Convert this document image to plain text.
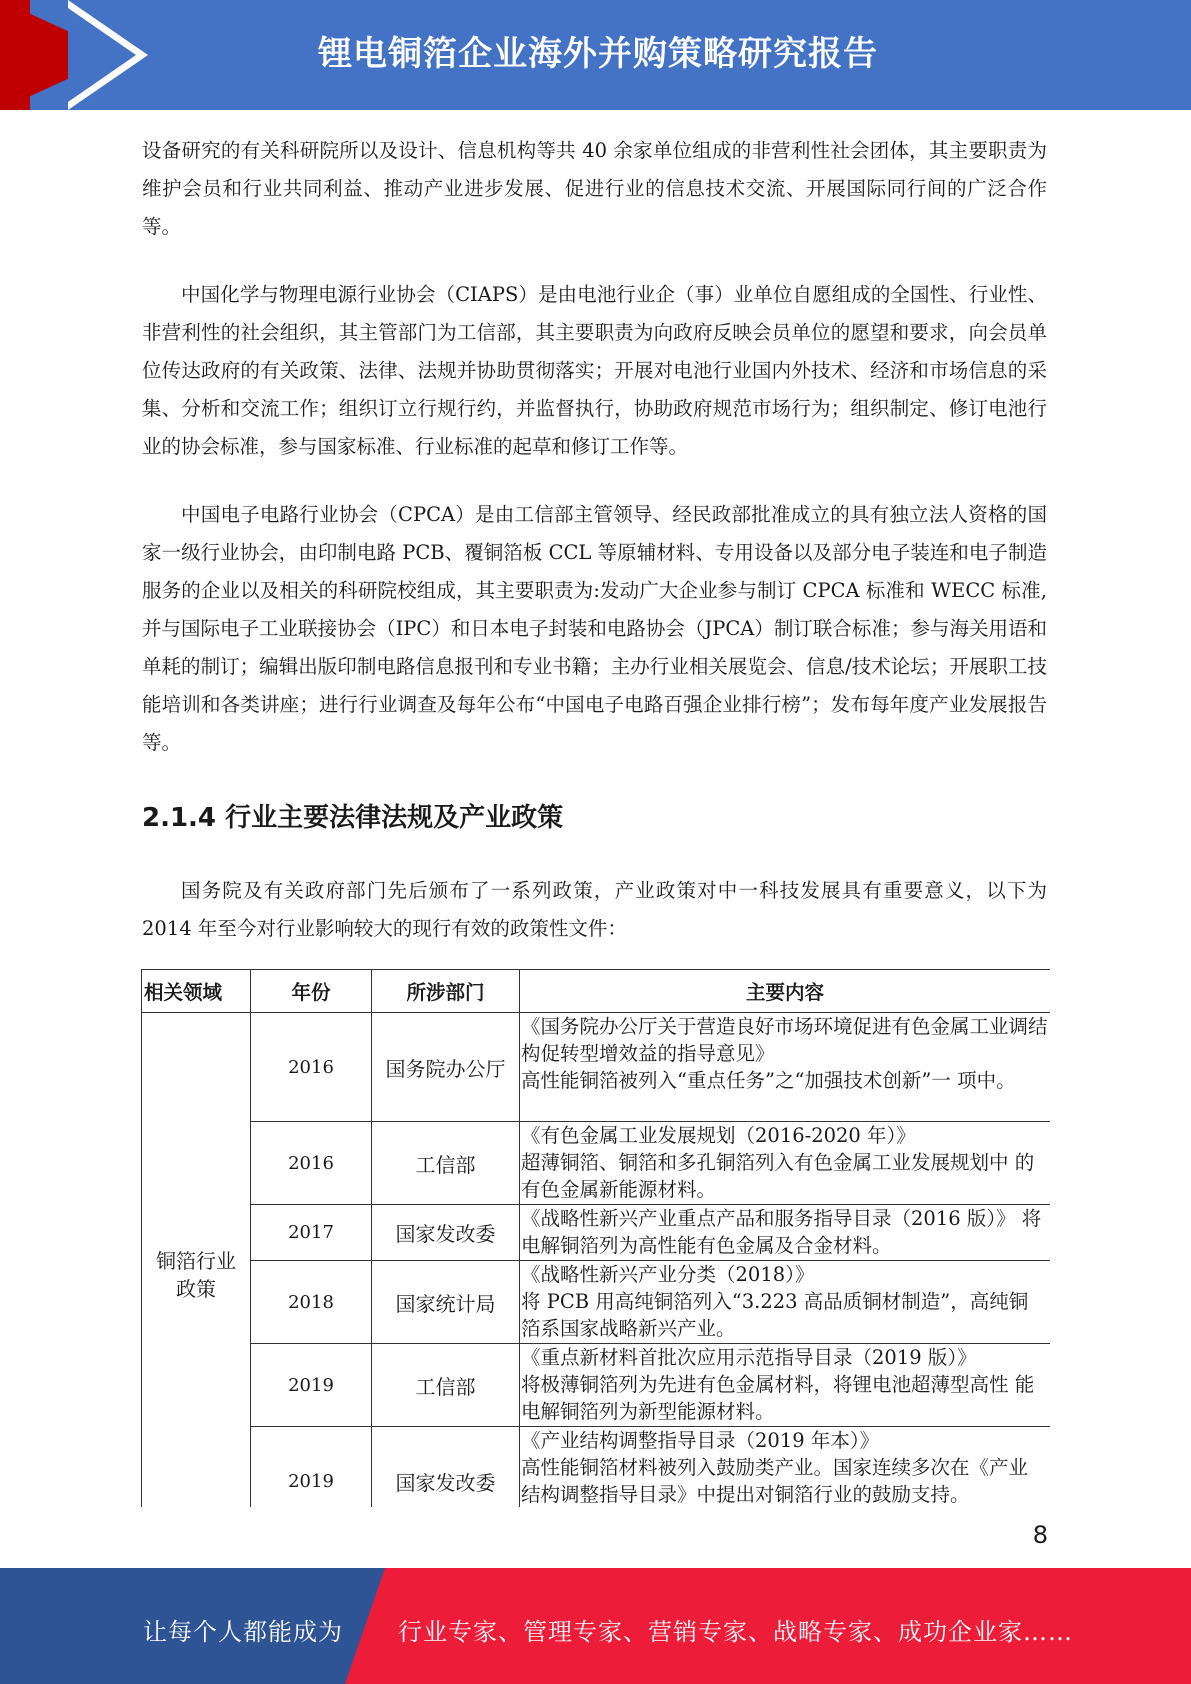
锂电铜箔企业海外并购策略研究报告

设备研究的有关科研院所以及设计、信息机构等共 40 余家单位组成的非营利性社会团体，其主要职责为维护会员和行业共同利益、推动产业进步发展、促进行业的信息技术交流、开展国际同行间的广泛合作等。

中国化学与物理电源行业协会（CIAPS）是由电池行业企（事）业单位自愿组成的全国性、行业性、非营利性的社会组织，其主管部门为工信部，其主要职责为向政府反映会员单位的愿望和要求，向会员单位传达政府的有关政策、法律、法规并协助贯彻落实；开展对电池行业国内外技术、经济和市场信息的采集、分析和交流工作；组织订立行规行约，并监督执行，协助政府规范市场行为；组织制定、修订电池行业的协会标准，参与国家标准、行业标准的起草和修订工作等。

中国电子电路行业协会（CPCA）是由工信部主管领导、经民政部批准成立的具有独立法人资格的国家一级行业协会，由印制电路 PCB、覆铜箔板 CCL 等原辅材料、专用设备以及部分电子装连和电子制造服务的企业以及相关的科研院校组成，其主要职责为:发动广大企业参与制订 CPCA 标准和 WECC 标准,并与国际电子工业联接协会（IPC）和日本电子封装和电路协会（JPCA）制订联合标准；参与海关用语和单耗的制订；编辑出版印制电路信息报刊和专业书籍；主办行业相关展览会、信息/技术论坛；开展职工技能培训和各类讲座；进行行业调查及每年公布“中国电子电路百强企业排行榜”；发布每年度产业发展报告等。

2.1.4 行业主要法律法规及产业政策

国务院及有关政府部门先后颁布了一系列政策，产业政策对中一科技发展具有重要意义，以下为 2014 年至今对行业影响较大的现行有效的政策性文件：

相关领域	年份	所涉部门	主要内容

铜箔行业政策	2016	国务院办公厅	《国务院办公厅关于营造良好市场环境促进有色金属工业调结构促转型增效益的指导意见》
高性能铜箔被列入“重点任务”之“加强技术创新”一 项中。

	2016	工信部	《有色金属工业发展规划（2016-2020 年）》
超薄铜箔、铜箔和多孔铜箔列入有色金属工业发展规划中 的有色金属新能源材料。

	2017	国家发改委	《战略性新兴产业重点产品和服务指导目录（2016 版）》 将电解铜箔列为高性能有色金属及合金材料。
	2018	国家统计局	《战略性新兴产业分类（2018）》
将 PCB 用高纯铜箔列入“3.223 高品质铜材制造”，高纯铜 箔系国家战略新兴产业。

	2019	工信部	《重点新材料首批次应用示范指导目录（2019 版）》
将极薄铜箔列为先进有色金属材料，将锂电池超薄型高性 能电解铜箔列为新型能源材料。

	2019	国家发改委	《产业结构调整指导目录（2019 年本）》
高性能铜箔材料被列入鼓励类产业。国家连续多次在《产业 结构调整指导目录》中提出对铜箔行业的鼓励支持。
8
让每个人都能成为 行业专家、管理专家、营销专家、战略专家、成功企业家……
